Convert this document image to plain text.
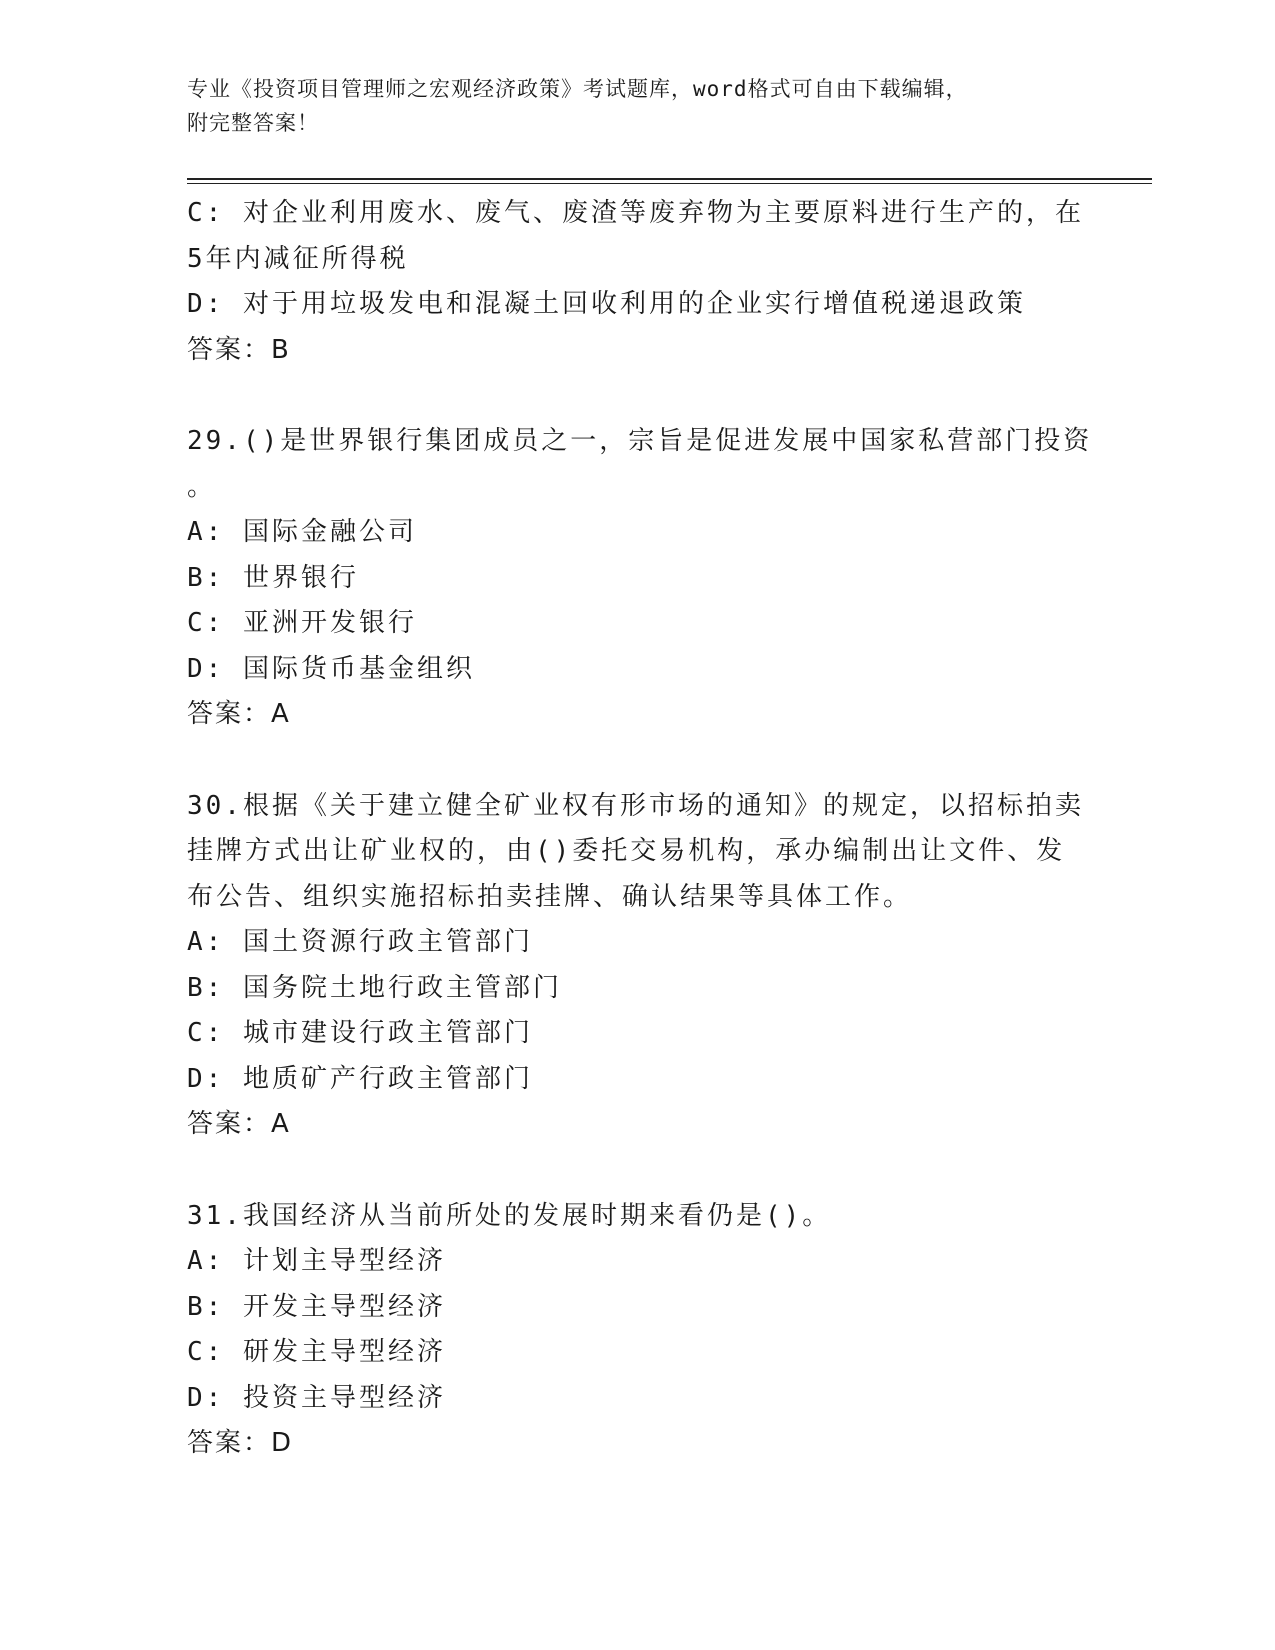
专业《投资项目管理师之宏观经济政策》考试题库，word格式可自由下载编辑，
附完整答案！
C: 对企业利用废水、废气、废渣等废弃物为主要原料进行生产的，在
5年内减征所得税
D: 对于用垃圾发电和混凝土回收利用的企业实行增值税递退政策
答案：B
29.()是世界银行集团成员之一，宗旨是促进发展中国家私营部门投资
。
A: 国际金融公司
B: 世界银行
C: 亚洲开发银行
D: 国际货币基金组织
答案：A
30.根据《关于建立健全矿业权有形市场的通知》的规定，以招标拍卖
挂牌方式出让矿业权的，由()委托交易机构，承办编制出让文件、发
布公告、组织实施招标拍卖挂牌、确认结果等具体工作。
A: 国土资源行政主管部门
B: 国务院土地行政主管部门
C: 城市建设行政主管部门
D: 地质矿产行政主管部门
答案：A
31.我国经济从当前所处的发展时期来看仍是()。
A: 计划主导型经济
B: 开发主导型经济
C: 研发主导型经济
D: 投资主导型经济
答案：D
